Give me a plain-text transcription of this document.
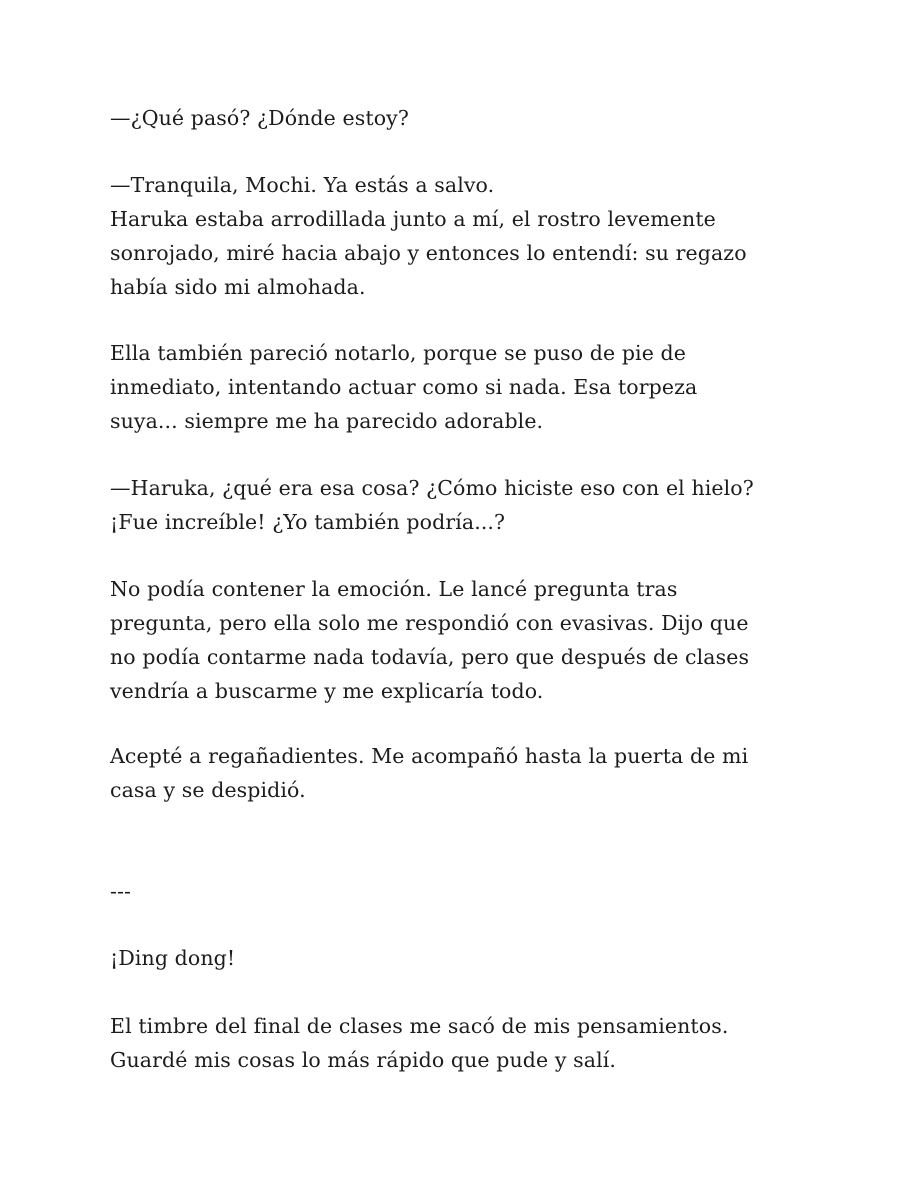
—¿Qué pasó? ¿Dónde estoy?
—Tranquila, Mochi. Ya estás a salvo.
Haruka estaba arrodillada junto a mí, el rostro levemente
sonrojado, miré hacia abajo y entonces lo entendí: su regazo
había sido mi almohada.
Ella también pareció notarlo, porque se puso de pie de
inmediato, intentando actuar como si nada. Esa torpeza
suya... siempre me ha parecido adorable.
—Haruka, ¿qué era esa cosa? ¿Cómo hiciste eso con el hielo?
¡Fue increíble! ¿Yo también podría...?
No podía contener la emoción. Le lancé pregunta tras
pregunta, pero ella solo me respondió con evasivas. Dijo que
no podía contarme nada todavía, pero que después de clases
vendría a buscarme y me explicaría todo.
Acepté a regañadientes. Me acompañó hasta la puerta de mi
casa y se despidió.
---
¡Ding dong!
El timbre del final de clases me sacó de mis pensamientos.
Guardé mis cosas lo más rápido que pude y salí.
